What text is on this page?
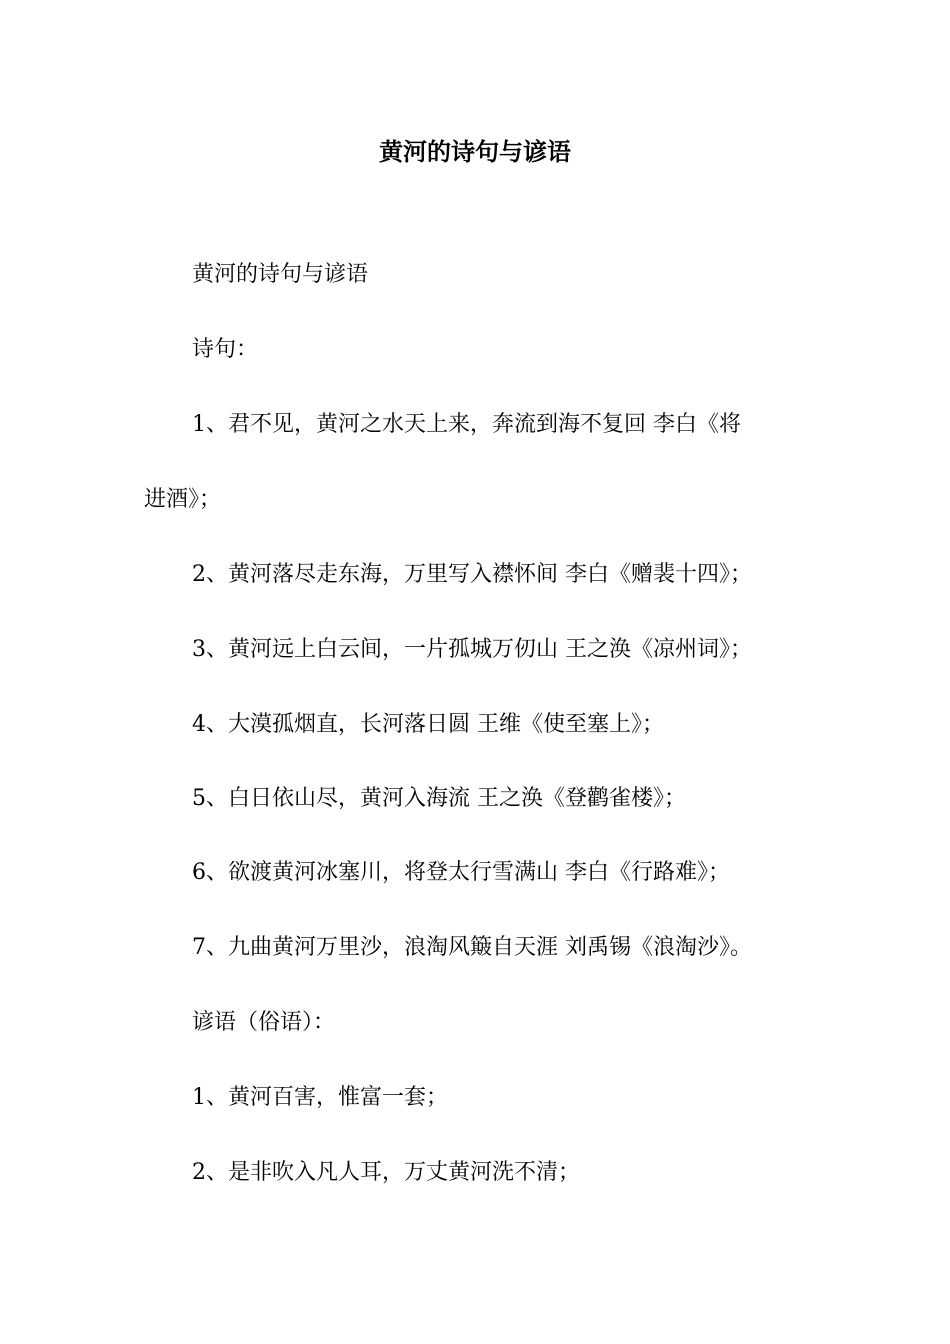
黄河的诗句与谚语

黄河的诗句与谚语

诗句：

1、君不见，黄河之水天上来，奔流到海不复回 李白《将

进酒》；

2、黄河落尽走东海，万里写入襟怀间 李白《赠裴十四》；

3、黄河远上白云间，一片孤城万仞山 王之涣《凉州词》；

4、大漠孤烟直，长河落日圆 王维《使至塞上》；

5、白日依山尽，黄河入海流 王之涣《登鹳雀楼》；

6、欲渡黄河冰塞川，将登太行雪满山 李白《行路难》；

7、九曲黄河万里沙，浪淘风簸自天涯 刘禹锡《浪淘沙》。

谚语（俗语）：

1、黄河百害，惟富一套；

2、是非吹入凡人耳，万丈黄河洗不清；
